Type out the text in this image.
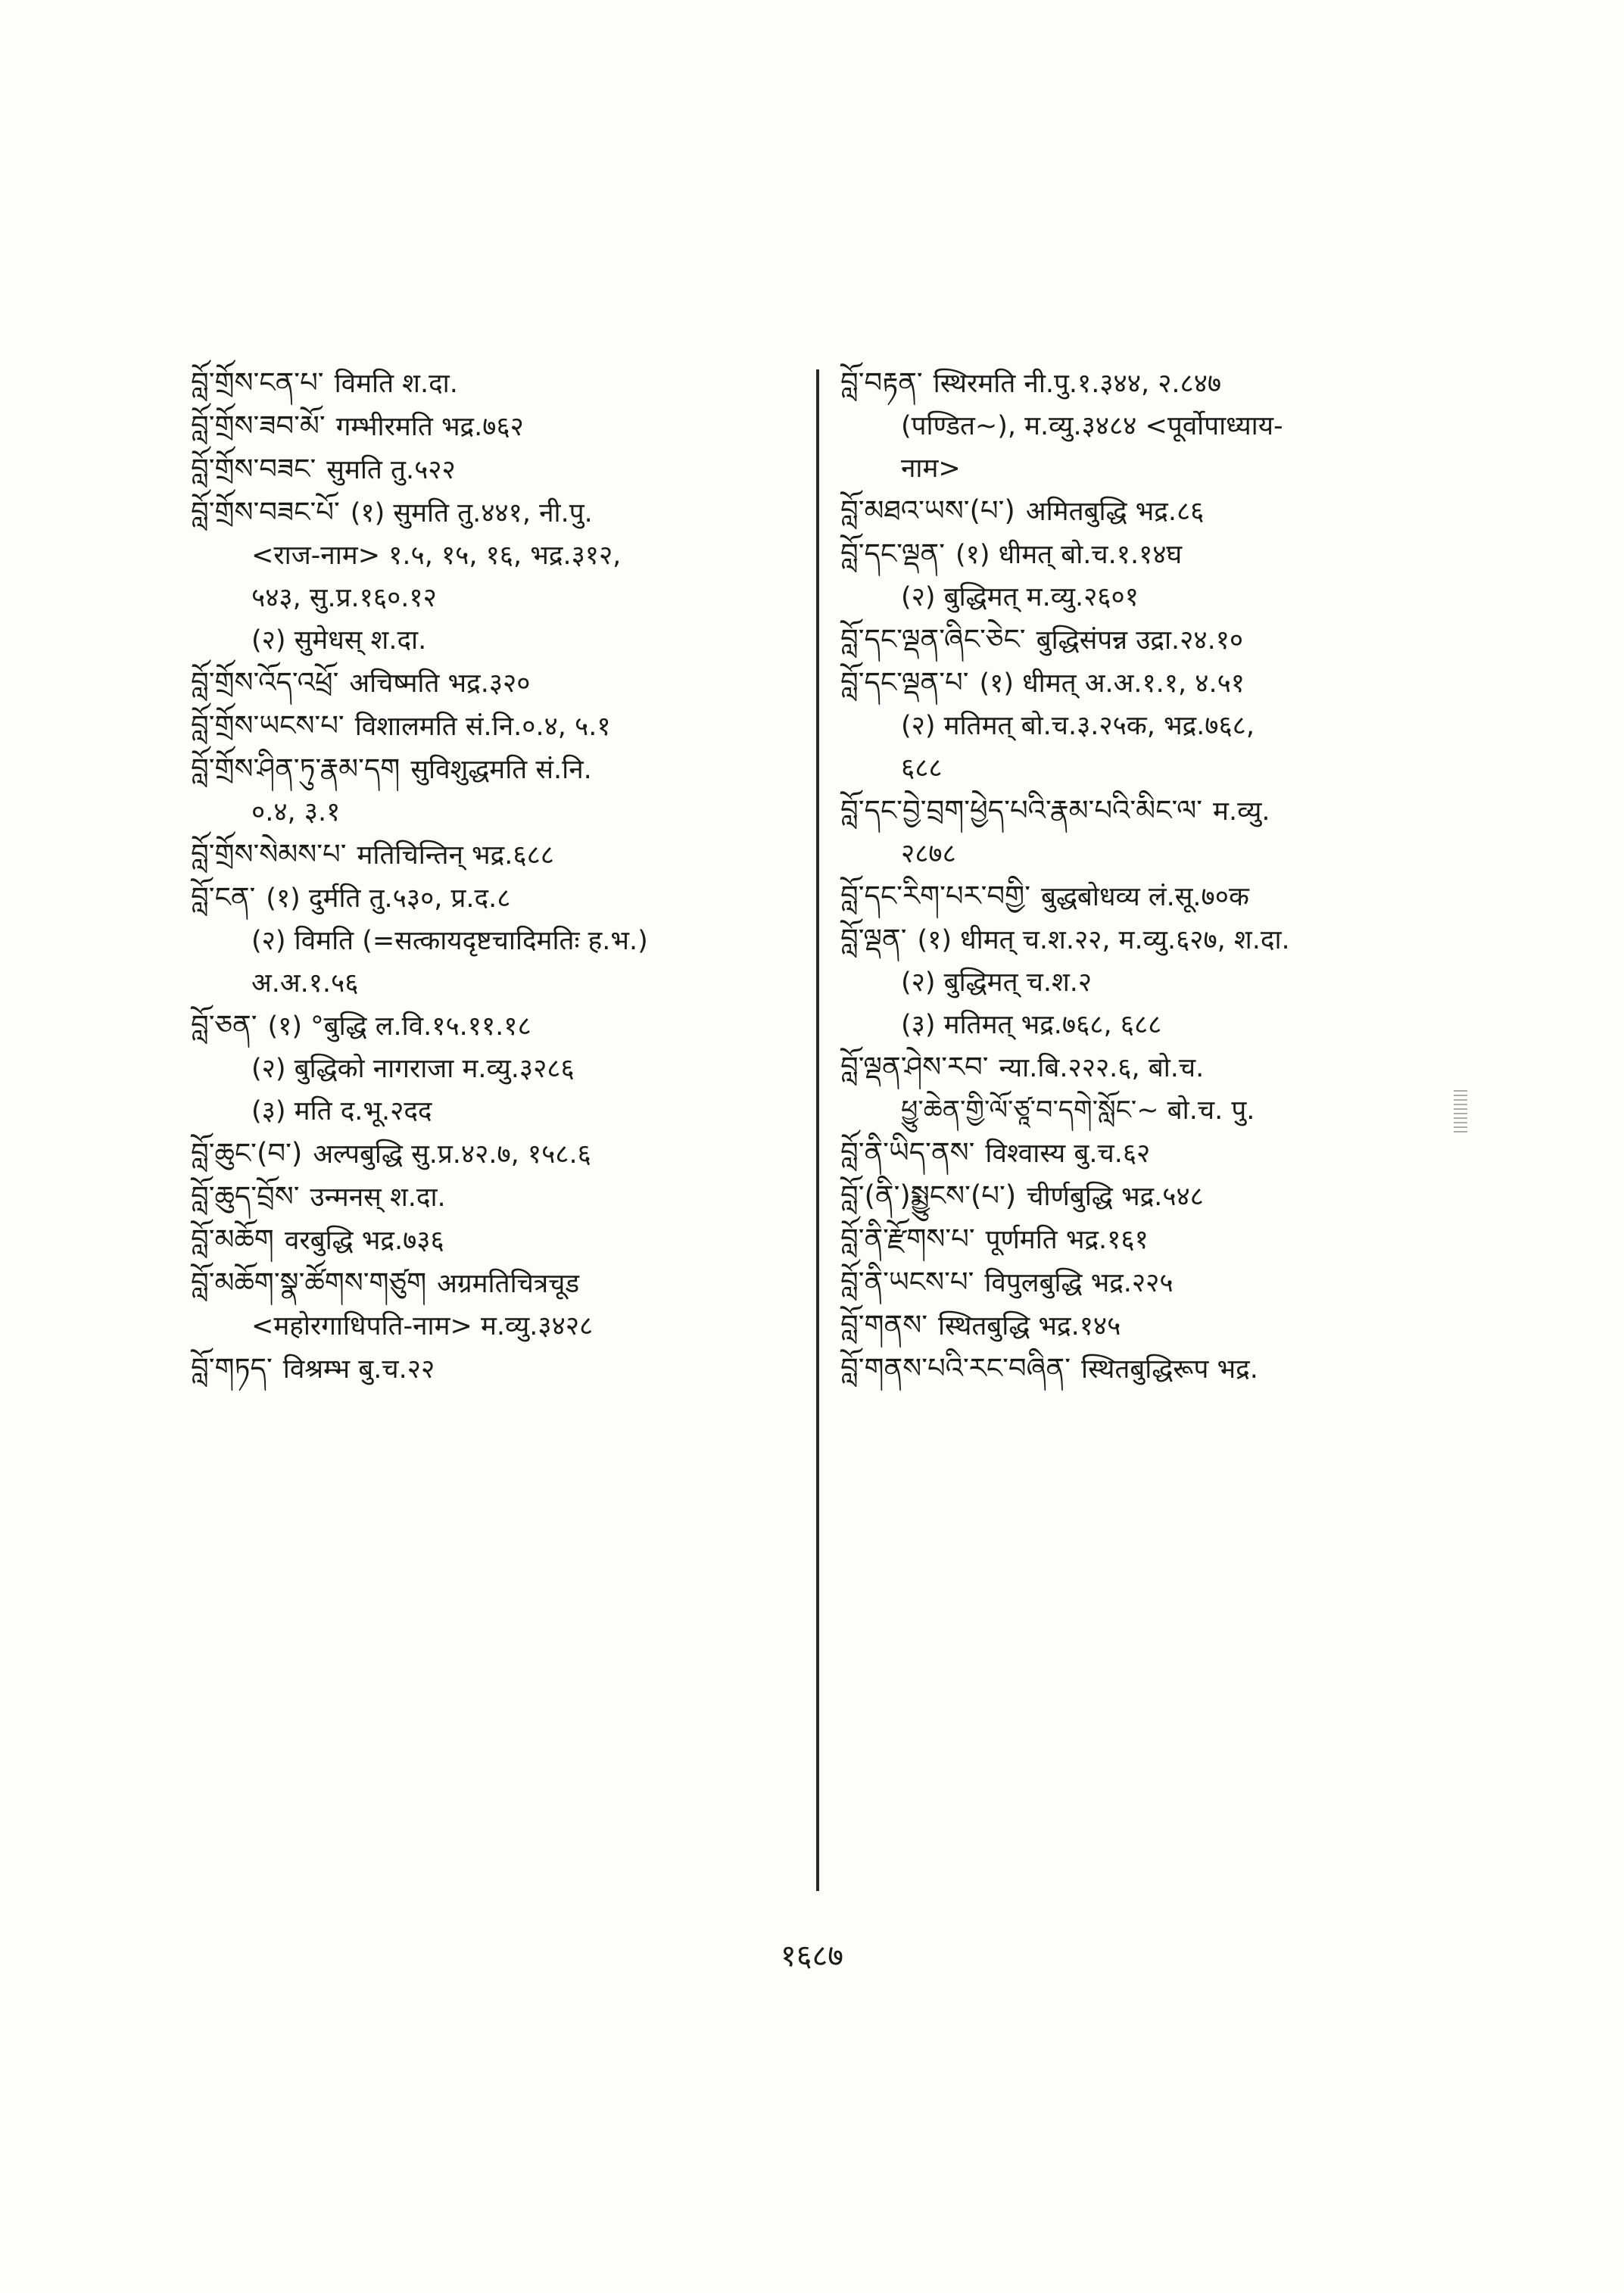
བློ་གྲོས་ངན་པ་ विमति श.दा.
བློ་གྲོས་ཟབ་མོ་ गम्भीरमति भद्र.७६२
བློ་གྲོས་བཟང་ सुमति तु.५२२
བློ་གྲོས་བཟང་པོ་ (१) सुमति तु.४४१, नी.पु.
<राज-नाम> १.५, १५, १६, भद्र.३१२,
५४३, सु.प्र.१६०.१२
(२) सुमेधस् श.दा.
བློ་གྲོས་འོད་འཕྲོ་ अचिष्मति भद्र.३२०
བློ་གྲོས་ཡངས་པ་ विशालमति सं.नि.०.४, ५.१
བློ་གྲོས་ཤིན་ཏུ་རྣམ་དག सुविशुद्धमति सं.नि.
०.४, ३.१
བློ་གྲོས་སེམས་པ་ मतिचिन्तिन् भद्र.६८८
བློ་ངན་ (१) दुर्मति तु.५३०, प्र.द.८
(२) विमति (=सत्कायदृष्टचादिमतिः ह.भ.)
अ.अ.१.५६
བློ་ཅན་ (१) °बुद्धि ल.वि.१५.११.१८
(२) बुद्धिको नागराजा म.व्यु.३२८६
(३) मति द.भू.२दद
བློ་ཆུང་(བ་) अल्पबुद्धि सु.प्र.४२.७, १५८.६
བློ་ཆུད་བྲོས་ उन्मनस् श.दा.
བློ་མཆོག वरबुद्धि भद्र.७३६
བློ་མཆོག་སྣ་ཚོགས་གཙུག अग्रमतिचित्रचूड
<महोरगाधिपति-नाम> म.व्यु.३४२८
བློ་གཏད་ विश्रम्भ बु.च.२२
བློ་བརྟན་ स्थिरमति नी.पु.१.३४४, २.८४७
(पण्डित~), म.व्यु.३४८४ <पूर्वोपाध्याय-
नाम>
བློ་མཐའ་ཡས་(པ་) अमितबुद्धि भद्र.८६
བློ་དང་ལྡན་ (१) धीमत् बो.च.१.१४घ
(२) बुद्धिमत् म.व्यु.२६०१
བློ་དང་ལྡན་ཞིང་ཅེང་ बुद्धिसंपन्न उद्रा.२४.१०
བློ་དང་ལྡན་པ་ (१) धीमत् अ.अ.१.१, ४.५१
(२) मतिमत् बो.च.३.२५क, भद्र.७६८,
६८८
བློ་དང་བྱེ་བྲག་ཕྱེད་པའི་རྣམ་པའི་མིང་ལ་ म.व्यु.
२८७८
བློ་དང་རིག་པར་བགྱི་ बुद्धबोधव्य लं.सू.७०क
བློ་ལྡན་ (१) धीमत् च.श.२२, म.व्यु.६२७, श.दा.
(२) बुद्धिमत् च.श.२
(३) मतिमत् भद्र.७६८, ६८८
བློ་ལྡན་ཤེས་རབ་ न्या.बि.२२२.६, बो.च.
ཕྱུ་ཆེན་གྱི་ལོ་ཙཱ་བ་དགེ་སློང་~ बो.च. पु.
བློ་ནི་ཡིད་ནས་ विश्वास्य बु.च.६२
བློ་(ནི་)སྨྱུངས་(པ་) चीर्णबुद्धि भद्र.५४८
བློ་ནི་རྫོགས་པ་ पूर्णमति भद्र.१६१
བློ་ནི་ཡངས་པ་ विपुलबुद्धि भद्र.२२५
བློ་གནས་ स्थितबुद्धि भद्र.१४५
བློ་གནས་པའི་རང་བཞིན་ स्थितबुद्धिरूप भद्र.
१६८७
